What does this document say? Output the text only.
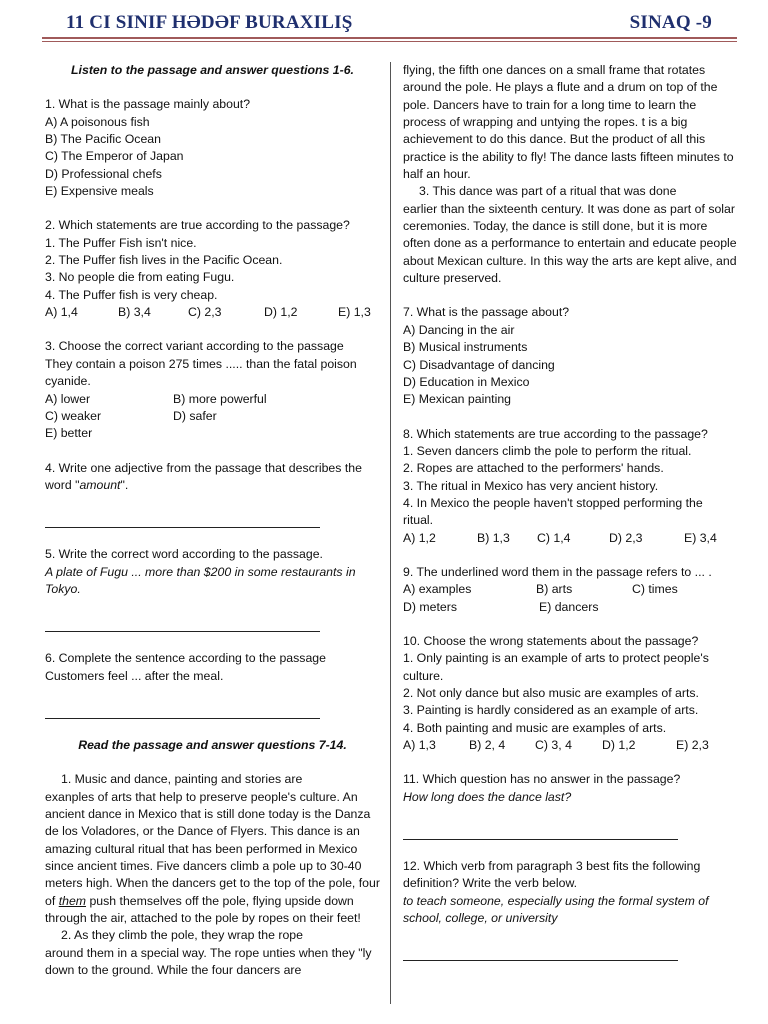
11 CI SINIF HƏDƏF BURAXILIŞ	SINAQ -9

Listen to the passage and answer questions 1-6.

1. What is the passage mainly about?

A) A poisonous fish

B) The Pacific Ocean

C) The Emperor of Japan

D) Professional chefs

E) Expensive meals

2. Which statements are true according to the passage?

1. The Puffer Fish isn't nice.

2. The Puffer fish lives in the Pacific Ocean.

3. No people die from eating Fugu.

4. The Puffer fish is very cheap.

A) 1,4	B) 3,4	C) 2,3	D) 1,2	E) 1,3

3. Choose the correct variant according to the passage

They contain a poison 275 times ..... than the fatal poison

cyanide.

A) lower	B) more powerful
C) weaker	D) safer

E) better

4. Write one adjective from the passage that describes the

word "amount".

5. Write the correct word according to the passage.

A plate of Fugu ... more than $200 in some restaurants in

Tokyo.

6. Complete the sentence according to the passage

Customers feel ... after the meal.

Read the passage and answer questions 7-14.

1. Music and dance, painting and stories are

exanples of arts that help to preserve people's culture. An ancient dance in Mexico that is still done today is the Danza de los Voladores, or the Dance of Flyers. This dance is an amazing cultural ritual that has been performed in Mexico since ancient times. Five dancers climb a pole up to 30-40 meters high. When the dancers get to the top of the pole, four of them push themselves off the pole, flying upside down through the air, attached to the pole by ropes on their feet!

2. As they climb the pole, they wrap the rope

around them in a special way. The rope unties when they "ly down to the ground. While the four dancers are

flying, the fifth one dances on a small frame that rotates around the pole. He plays a flute and a drum on top of the pole. Dancers have to train for a long time to learn the process of wrapping and untying the ropes. t is a big achievement to do this dance. But the product of all this practice is the ability to fly! The dance lasts fifteen minutes to half an hour.

3. This dance was part of a ritual that was done

earlier than the sixteenth century. It was done as part of solar ceremonies. Today, the dance is still done, but it is more often done as a performance to entertain and educate people about Mexican culture. In this way the arts are kept alive, and culture preserved.

7. What is the passage about?

A) Dancing in the air

B) Musical instruments

C) Disadvantage of dancing

D) Education in Mexico

E) Mexican painting

8. Which statements are true according to the passage?

1. Seven dancers climb the pole to perform the ritual.

2. Ropes are attached to the performers' hands.

3. The ritual in Mexico has very ancient history.

4. In Mexico the people haven't stopped performing the

ritual.

A) 1,2	B) 1,3	C) 1,4	D) 2,3	E) 3,4

9. The underlined word them in the passage refers to ... .

A) examples	B) arts	C) times
D) meters	E) dancers

10. Choose the wrong statements about the passage?

1. Only painting is an example of arts to protect people's

culture.

2. Not only dance but also music are examples of arts.

3. Painting is hardly considered as an example of arts.

4. Both painting and music are examples of arts.

A) 1,3	B) 2, 4	C) 3, 4	D) 1,2	E) 2,3

11. Which question has no answer in the passage?

How long does the dance last?

12. Which verb from paragraph 3 best fits the following

definition? Write the verb below.

to teach someone, especially using the formal system of

school, college, or university
